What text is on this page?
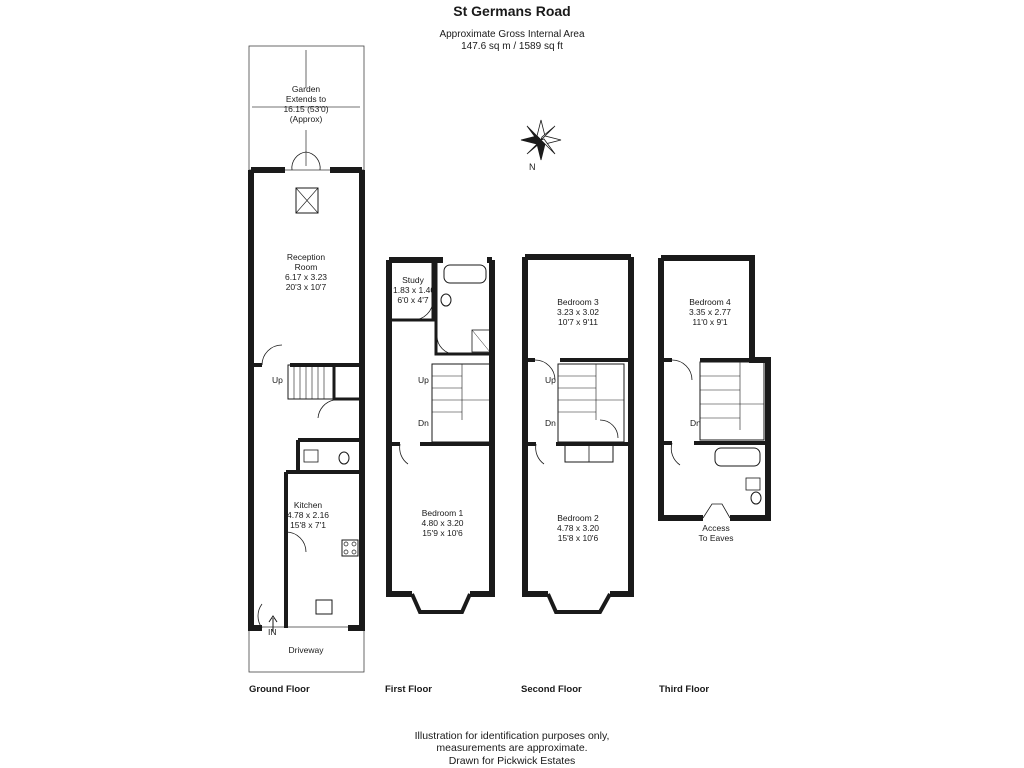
St Germans Road
Approximate Gross Internal Area
147.6 sq m / 1589 sq ft
N
Garden
Extends to
16.15 (53'0)
(Approx)
Reception
Room
6.17 x 3.23
20'3 x 10'7
Up
Kitchen
4.78 x 2.16
15'8 x 7'1
IN
Driveway
Study
1.83 x 1.40
6'0 x 4'7
Up
Dn
Bedroom 1
4.80 x 3.20
15'9 x 10'6
Bedroom 3
3.23 x 3.02
10'7 x 9'11
Up
Dn
Bedroom 2
4.78 x 3.20
15'8 x 10'6
Bedroom 4
3.35 x 2.77
11'0 x 9'1
Dn
Access
To Eaves
Ground Floor	First Floor	Second Floor	Third Floor
Illustration for identification purposes only,
measurements are approximate.
Drawn for Pickwick Estates
